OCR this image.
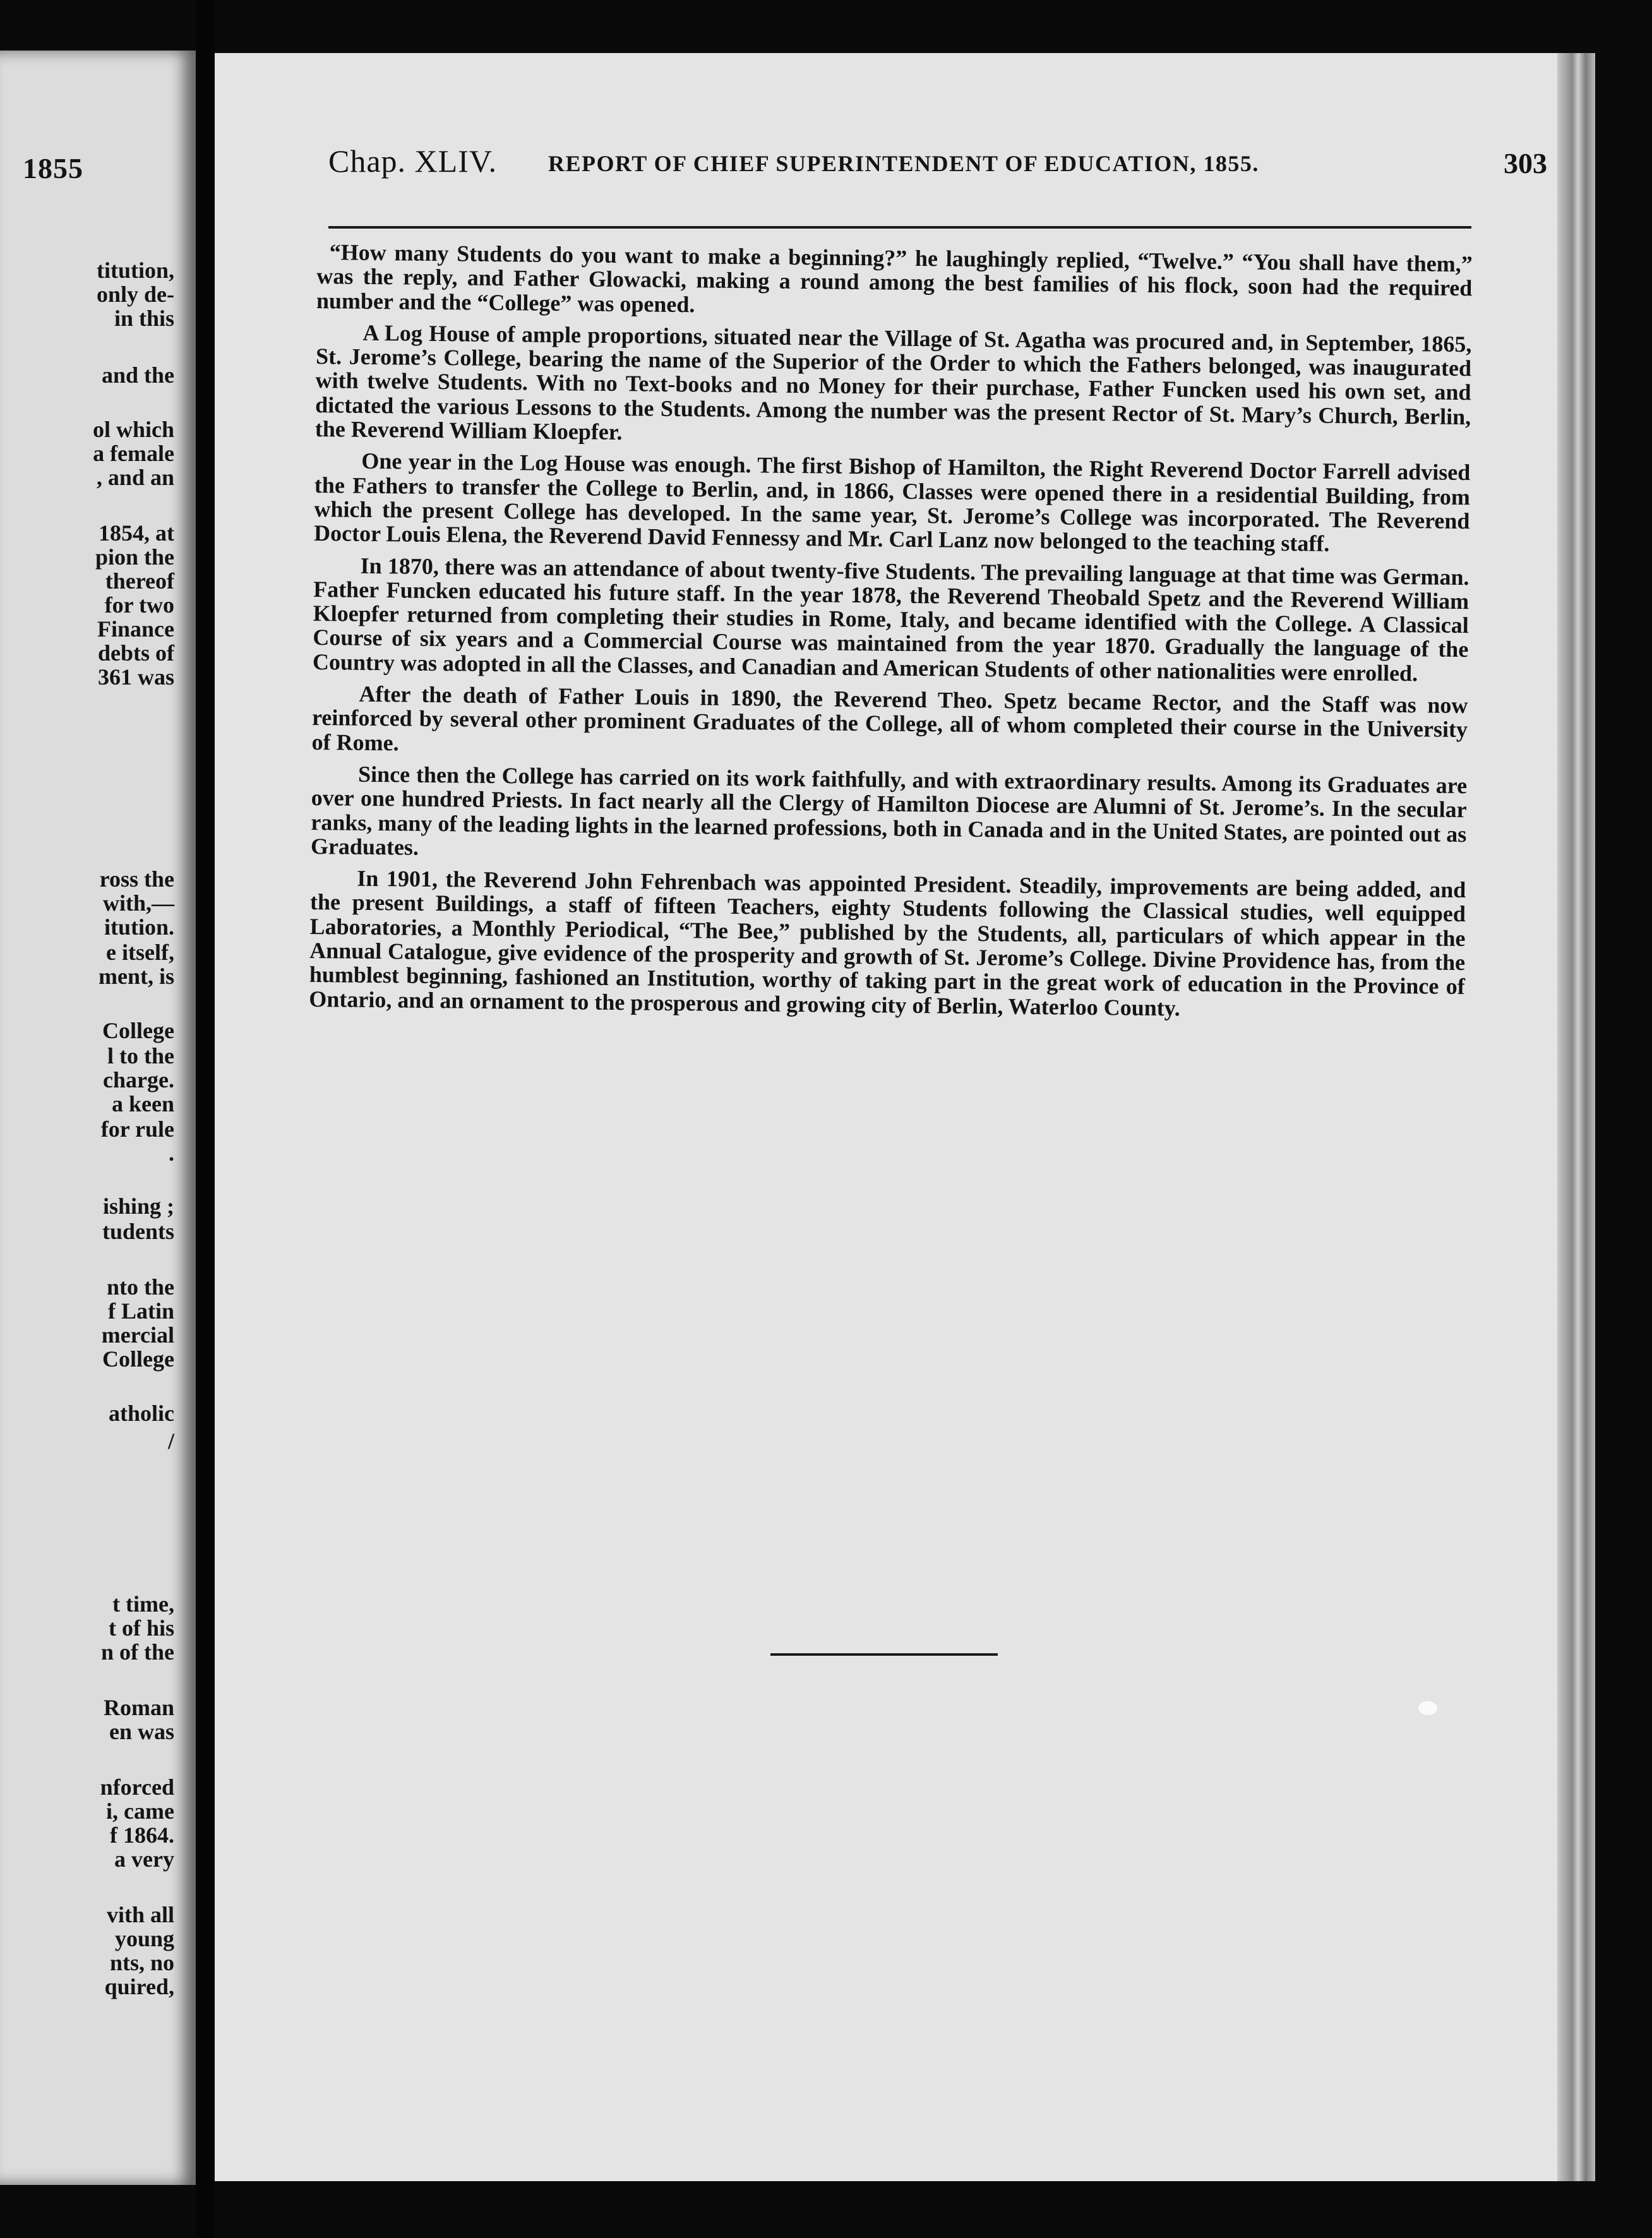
1855
titution,
only de-
in this
and the
ol which
a female
, and an
1854, at
pion the
thereof
for two
Finance
debts of
361 was
ross the
with,—
itution.
e itself,
ment, is
College
l to the
charge.
a keen
for rule
.
ishing ;
tudents
nto the
f Latin
mercial
College
atholic
/
t time,
t of his
n of the
Roman
en was
nforced
i, came
f 1864.
a very
vith all
young
nts, no
quired,
Chap. XLIV. REPORT OF CHIEF SUPERINTENDENT OF EDUCATION, 1855.	303

“How many Students do you want to make a beginning?” he laughingly replied, “Twelve.” “You shall have them,” was the reply, and Father Glowacki, making a round among the best families of his flock, soon had the required number and the “College” was opened.

A Log House of ample proportions, situated near the Village of St. Agatha was procured and, in September, 1865, St. Jerome’s College, bearing the name of the Superior of the Order to which the Fathers belonged, was inaugurated with twelve Students. With no Text-books and no Money for their purchase, Father Funcken used his own set, and dictated the various Lessons to the Students. Among the number was the present Rector of St. Mary’s Church, Berlin, the Reverend William Kloepfer.

One year in the Log House was enough. The first Bishop of Hamilton, the Right Reverend Doctor Farrell advised the Fathers to transfer the College to Berlin, and, in 1866, Classes were opened there in a residential Building, from which the present College has developed. In the same year, St. Jerome’s College was incorporated. The Reverend Doctor Louis Elena, the Reverend David Fennessy and Mr. Carl Lanz now belonged to the teaching staff.

In 1870, there was an attendance of about twenty-five Students. The prevailing language at that time was German. Father Funcken educated his future staff. In the year 1878, the Reverend Theobald Spetz and the Reverend William Kloepfer returned from completing their studies in Rome, Italy, and became identified with the College. A Classical Course of six years and a Commercial Course was maintained from the year 1870. Gradually the language of the Country was adopted in all the Classes, and Canadian and American Students of other nationalities were enrolled.

After the death of Father Louis in 1890, the Reverend Theo. Spetz became Rector, and the Staff was now reinforced by several other prominent Graduates of the College, all of whom completed their course in the University of Rome.

Since then the College has carried on its work faithfully, and with extraordinary results. Among its Graduates are over one hundred Priests. In fact nearly all the Clergy of Hamilton Diocese are Alumni of St. Jerome’s. In the secular ranks, many of the leading lights in the learned professions, both in Canada and in the United States, are pointed out as Graduates.

In 1901, the Reverend John Fehrenbach was appointed President. Steadily, improvements are being added, and the present Buildings, a staff of fifteen Teachers, eighty Students following the Classical studies, well equipped Laboratories, a Monthly Periodical, “The Bee,” published by the Students, all, particulars of which appear in the Annual Catalogue, give evidence of the prosperity and growth of St. Jerome’s College. Divine Providence has, from the humblest beginning, fashioned an Institution, worthy of taking part in the great work of education in the Province of Ontario, and an ornament to the prosperous and growing city of Berlin, Waterloo County.
